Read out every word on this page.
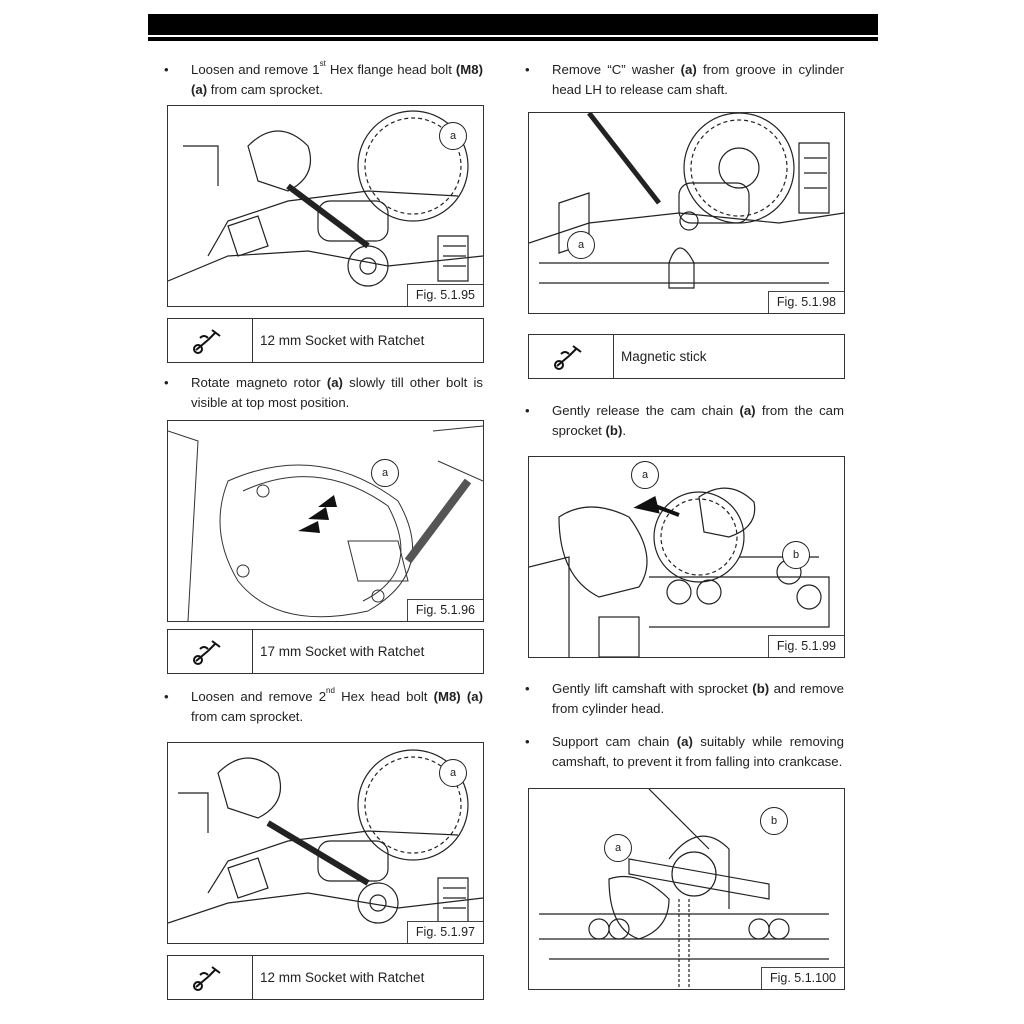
• Loosen and remove 1st Hex flange head bolt (M8) (a) from cam sprocket.
a
Fig. 5.1.95
12 mm Socket with Ratchet
• Rotate magneto rotor (a) slowly till other bolt is visible at top most position.
a
Fig. 5.1.96
17 mm Socket with Ratchet
• Loosen and remove 2nd Hex head bolt (M8) (a) from cam sprocket.
a
Fig. 5.1.97
12 mm Socket with Ratchet
• Remove “C” washer (a) from groove in cylinder head LH to release cam shaft.
a
Fig. 5.1.98
Magnetic stick
• Gently release the cam chain (a) from the cam sprocket (b).
a
b
Fig. 5.1.99
• Gently lift camshaft with sprocket (b) and remove from cylinder head.
• Support cam chain (a) suitably while removing camshaft, to prevent it from falling into crankcase.
a
b
Fig. 5.1.100
